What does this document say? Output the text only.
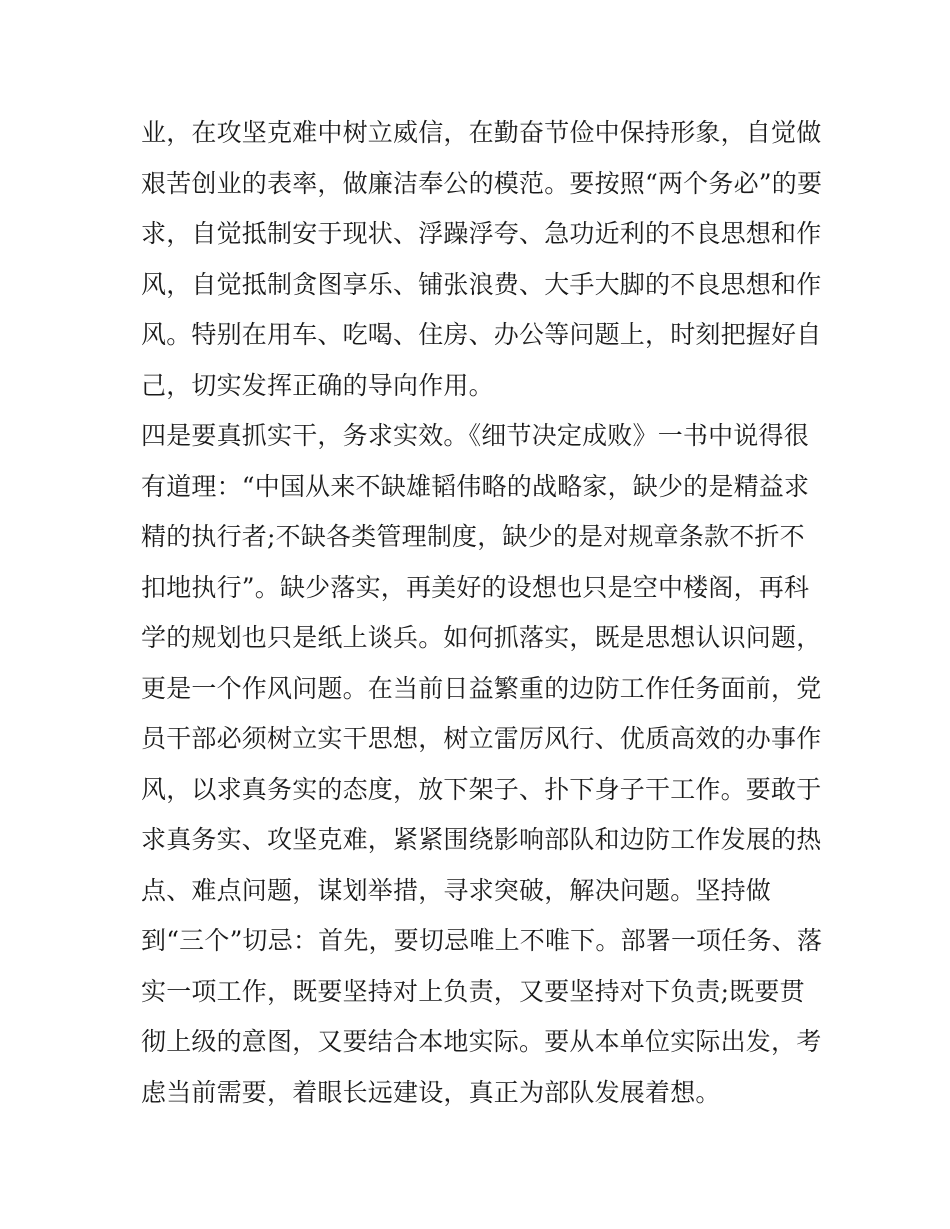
业，在攻坚克难中树立威信，在勤奋节俭中保持形象，自觉做
艰苦创业的表率，做廉洁奉公的模范。要按照“两个务必”的要
求，自觉抵制安于现状、浮躁浮夸、急功近利的不良思想和作
风，自觉抵制贪图享乐、铺张浪费、大手大脚的不良思想和作
风。特别在用车、吃喝、住房、办公等问题上，时刻把握好自
己，切实发挥正确的导向作用。
四是要真抓实干，务求实效。《细节决定成败》一书中说得很
有道理：“中国从来不缺雄韬伟略的战略家，缺少的是精益求
精的执行者;不缺各类管理制度，缺少的是对规章条款不折不
扣地执行”。缺少落实，再美好的设想也只是空中楼阁，再科
学的规划也只是纸上谈兵。如何抓落实，既是思想认识问题，
更是一个作风问题。在当前日益繁重的边防工作任务面前，党
员干部必须树立实干思想，树立雷厉风行、优质高效的办事作
风，以求真务实的态度，放下架子、扑下身子干工作。要敢于
求真务实、攻坚克难，紧紧围绕影响部队和边防工作发展的热
点、难点问题，谋划举措，寻求突破，解决问题。坚持做
到“三个”切忌：首先，要切忌唯上不唯下。部署一项任务、落
实一项工作，既要坚持对上负责，又要坚持对下负责;既要贯
彻上级的意图，又要结合本地实际。要从本单位实际出发，考
虑当前需要，着眼长远建设，真正为部队发展着想。
